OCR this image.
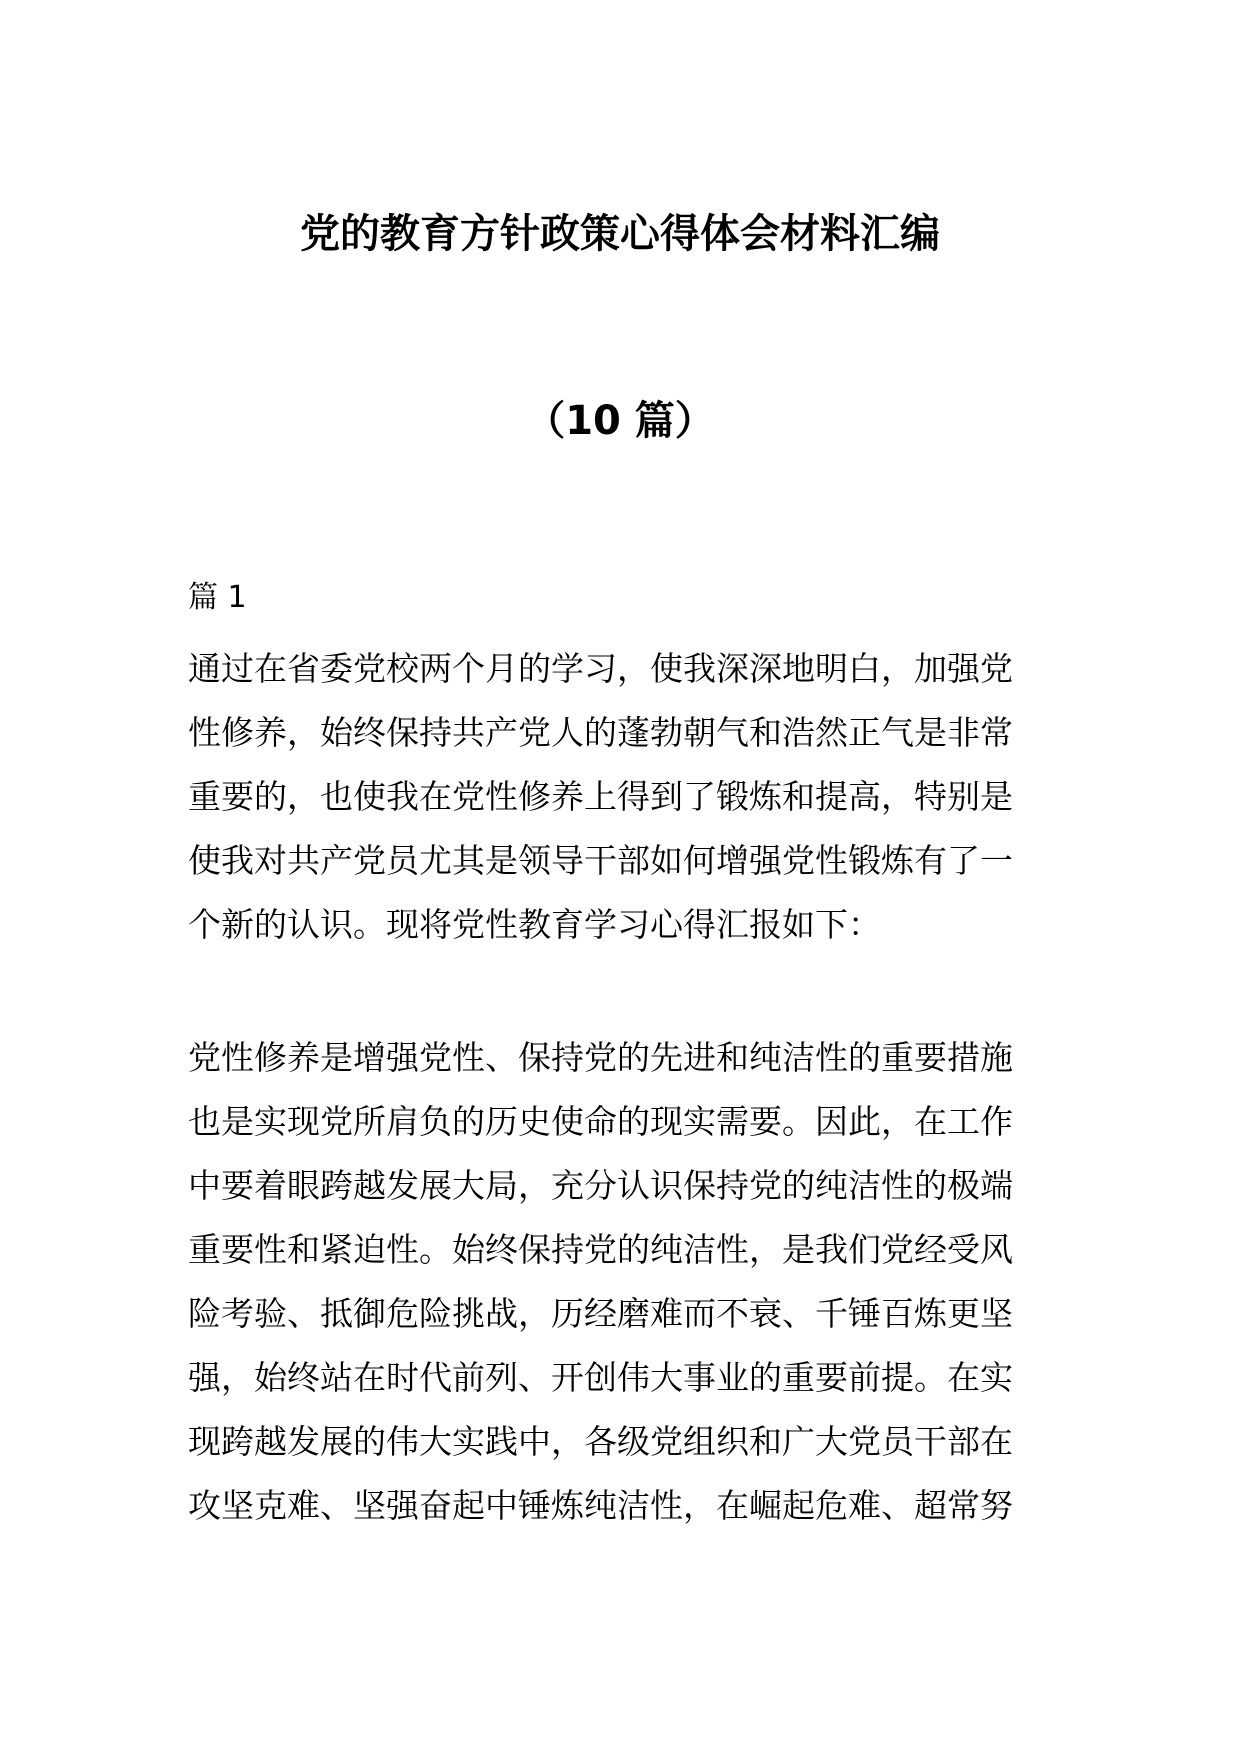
党的教育方针政策心得体会材料汇编
（10 篇）
篇 1
通过在省委党校两个月的学习，使我深深地明白，加强党
性修养，始终保持共产党人的蓬勃朝气和浩然正气是非常
重要的，也使我在党性修养上得到了锻炼和提高，特别是
使我对共产党员尤其是领导干部如何增强党性锻炼有了一
个新的认识。现将党性教育学习心得汇报如下：
党性修养是增强党性、保持党的先进和纯洁性的重要措施
也是实现党所肩负的历史使命的现实需要。因此，在工作
中要着眼跨越发展大局，充分认识保持党的纯洁性的极端
重要性和紧迫性。始终保持党的纯洁性，是我们党经受风
险考验、抵御危险挑战，历经磨难而不衰、千锤百炼更坚
强，始终站在时代前列、开创伟大事业的重要前提。在实
现跨越发展的伟大实践中，各级党组织和广大党员干部在
攻坚克难、坚强奋起中锤炼纯洁性，在崛起危难、超常努
